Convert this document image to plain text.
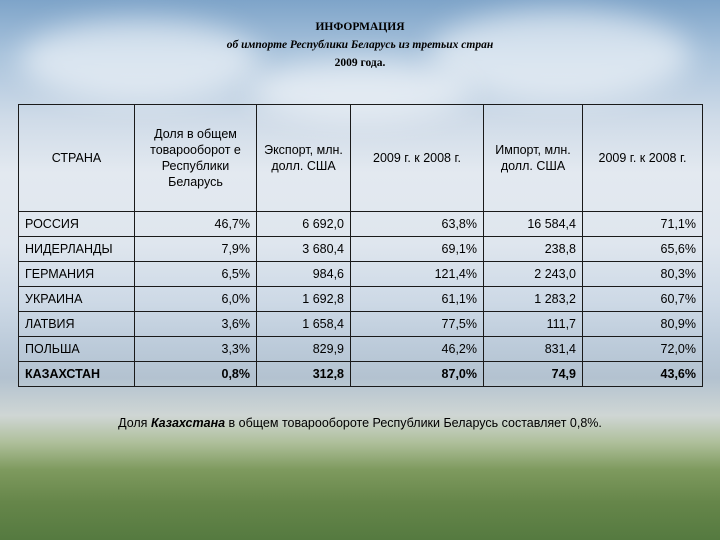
ИНФОРМАЦИЯ
об импорте Республики Беларусь из третьих стран
2009 года.
СТРАНА	Доля в общем товарооборот е Республики Беларусь	Экспорт, млн. долл. США	2009 г. к 2008 г.	Импорт, млн. долл. США	2009 г. к 2008 г.
РОССИЯ	46,7%	6 692,0	63,8%	16 584,4	71,1%
НИДЕРЛАНДЫ	7,9%	3 680,4	69,1%	238,8	65,6%
ГЕРМАНИЯ	6,5%	984,6	121,4%	2 243,0	80,3%
УКРАИНА	6,0%	1 692,8	61,1%	1 283,2	60,7%
ЛАТВИЯ	3,6%	1 658,4	77,5%	111,7	80,9%
ПОЛЬША	3,3%	829,9	46,2%	831,4	72,0%
КАЗАХСТАН	0,8%	312,8	87,0%	74,9	43,6%
Доля Казахстана в общем товарообороте Республики Беларусь составляет 0,8%.
